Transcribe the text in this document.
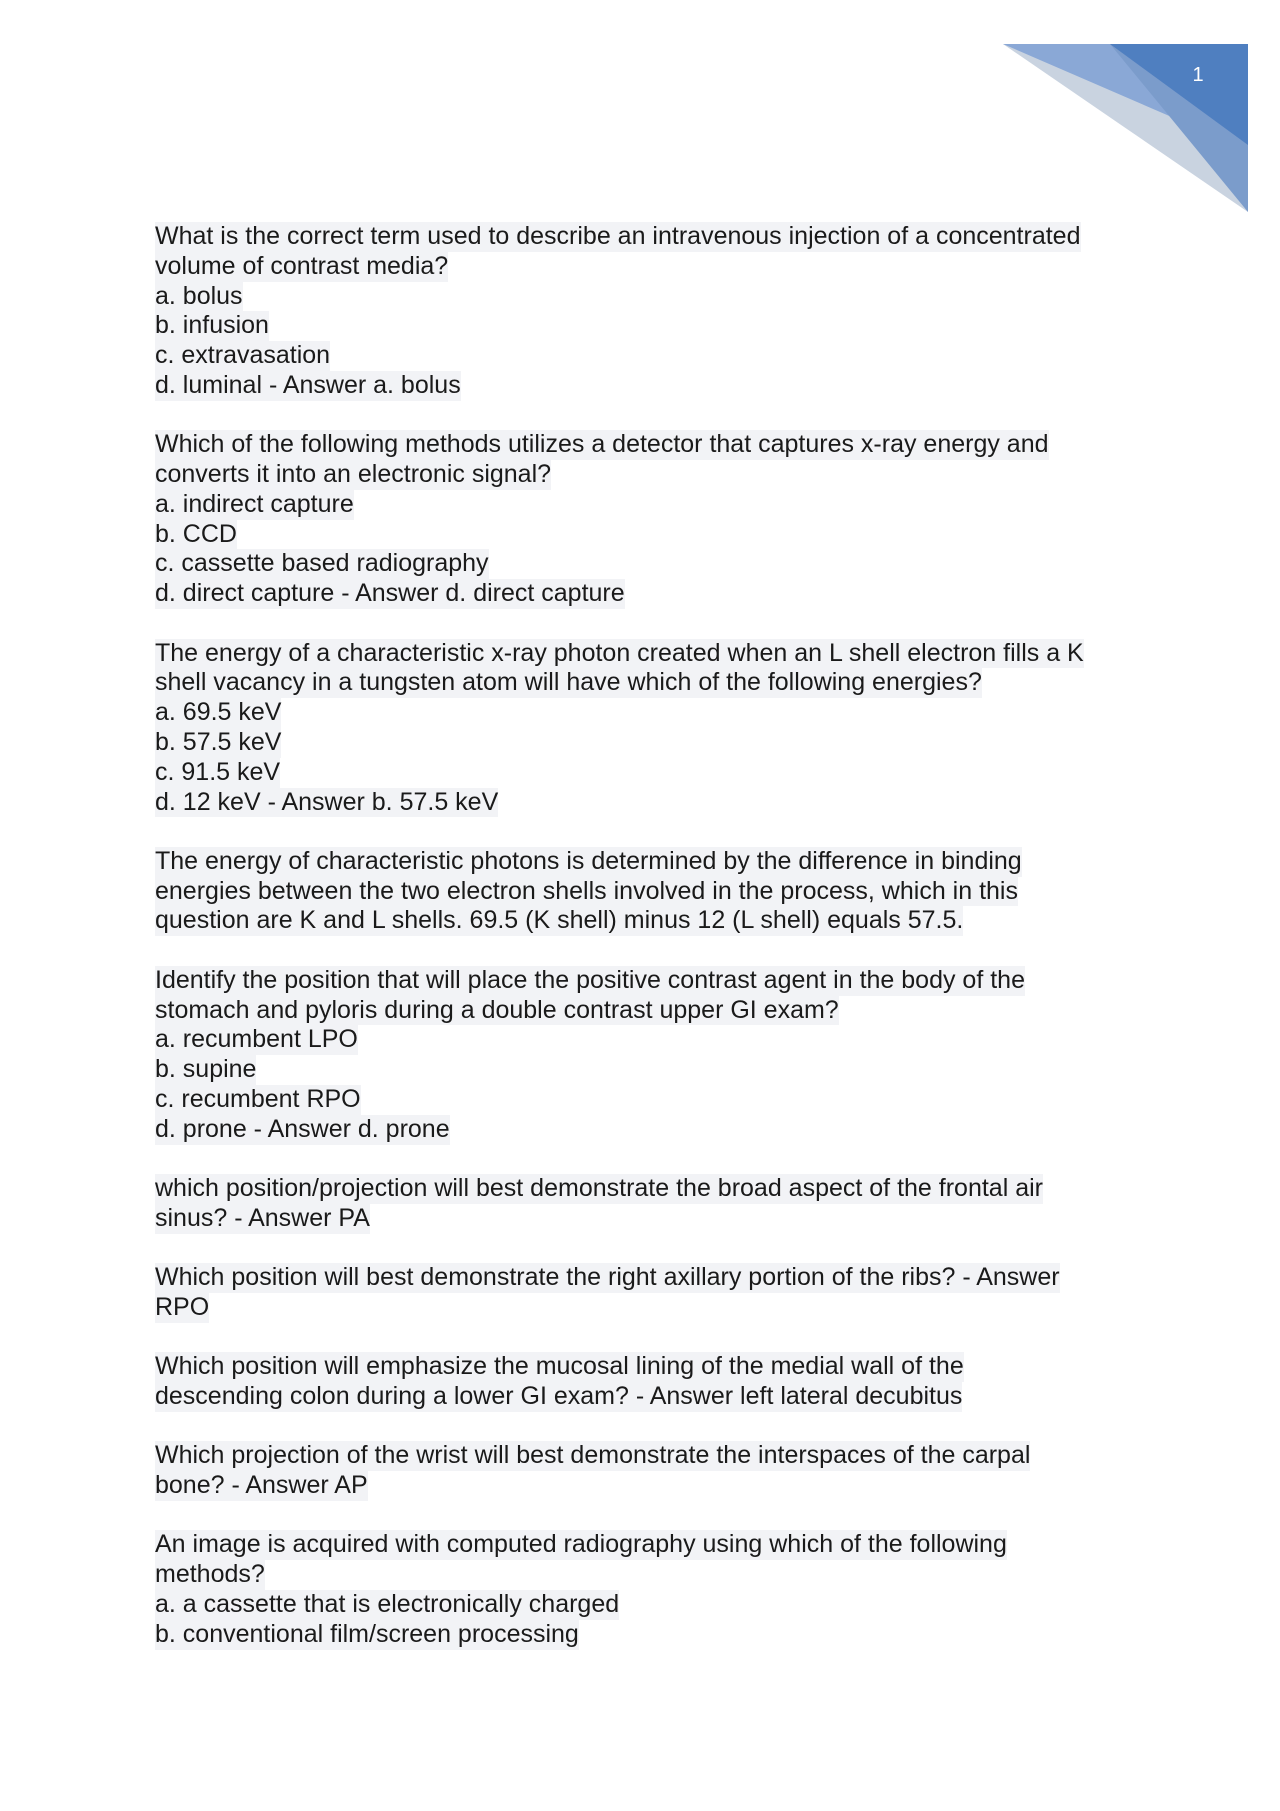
1
What is the correct term used to describe an intravenous injection of a concentrated
volume of contrast media?
a. bolus
b. infusion
c. extravasation
d. luminal - Answer a. bolus
Which of the following methods utilizes a detector that captures x-ray energy and
converts it into an electronic signal?
a. indirect capture
b. CCD
c. cassette based radiography
d. direct capture - Answer d. direct capture
The energy of a characteristic x-ray photon created when an L shell electron fills a K
shell vacancy in a tungsten atom will have which of the following energies?
a. 69.5 keV
b. 57.5 keV
c. 91.5 keV
d. 12 keV - Answer b. 57.5 keV
The energy of characteristic photons is determined by the difference in binding
energies between the two electron shells involved in the process, which in this
question are K and L shells. 69.5 (K shell) minus 12 (L shell) equals 57.5.
Identify the position that will place the positive contrast agent in the body of the
stomach and pyloris during a double contrast upper GI exam?
a. recumbent LPO
b. supine
c. recumbent RPO
d. prone - Answer d. prone
which position/projection will best demonstrate the broad aspect of the frontal air
sinus? - Answer PA
Which position will best demonstrate the right axillary portion of the ribs? - Answer
RPO
Which position will emphasize the mucosal lining of the medial wall of the
descending colon during a lower GI exam? - Answer left lateral decubitus
Which projection of the wrist will best demonstrate the interspaces of the carpal
bone? - Answer AP
An image is acquired with computed radiography using which of the following
methods?
a. a cassette that is electronically charged
b. conventional film/screen processing
